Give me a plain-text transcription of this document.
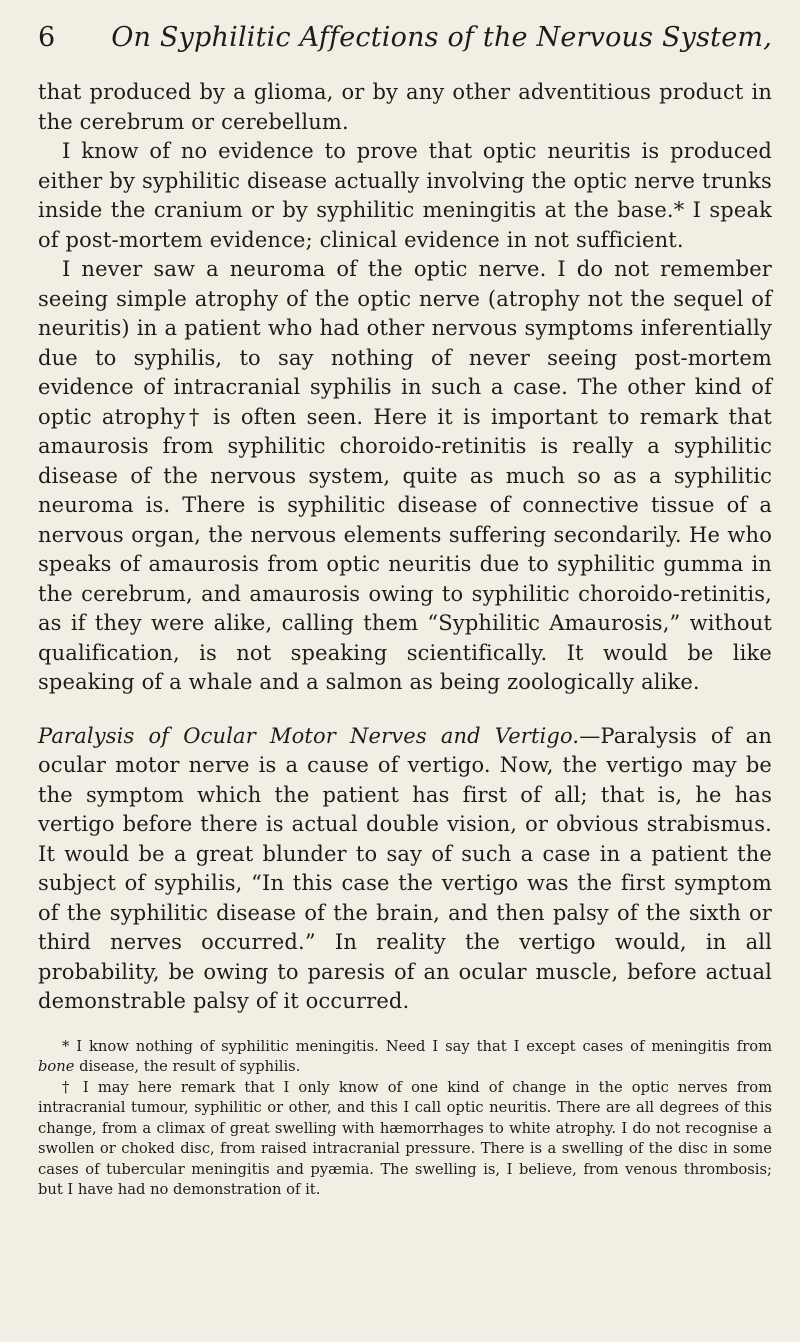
6	On Syphilitic Affections of the Nervous System,

that produced by a glioma, or by any other adventitious product in the cerebrum or cerebellum.

I know of no evidence to prove that optic neuritis is produced either by syphilitic disease actually involving the optic nerve trunks inside the cranium or by syphilitic meningitis at the base.* I speak of post-mortem evidence; clinical evidence in not sufficient.

I never saw a neuroma of the optic nerve. I do not remember seeing simple atrophy of the optic nerve (atrophy not the sequel of neuritis) in a patient who had other nervous symptoms inferentially due to syphilis, to say nothing of never seeing post-mortem evidence of intracranial syphilis in such a case. The other kind of optic atrophy† is often seen. Here it is important to remark that amaurosis from syphilitic choroido-retinitis is really a syphilitic disease of the nervous system, quite as much so as a syphilitic neuroma is. There is syphilitic disease of connective tissue of a nervous organ, the nervous elements suffering secondarily. He who speaks of amaurosis from optic neuritis due to syphilitic gumma in the cerebrum, and amaurosis owing to syphilitic choroido-retinitis, as if they were alike, calling them “Syphilitic Amaurosis,” without qualification, is not speaking scientifically. It would be like speaking of a whale and a salmon as being zoologically alike.

Paralysis of Ocular Motor Nerves and Vertigo.—Paralysis of an ocular motor nerve is a cause of vertigo. Now, the vertigo may be the symptom which the patient has first of all; that is, he has vertigo before there is actual double vision, or obvious strabismus. It would be a great blunder to say of such a case in a patient the subject of syphilis, “In this case the vertigo was the first symptom of the syphilitic disease of the brain, and then palsy of the sixth or third nerves occurred.” In reality the vertigo would, in all probability, be owing to paresis of an ocular muscle, before actual demonstrable palsy of it occurred.

* I know nothing of syphilitic meningitis. Need I say that I except cases of meningitis from bone disease, the result of syphilis.

† I may here remark that I only know of one kind of change in the optic nerves from intracranial tumour, syphilitic or other, and this I call optic neuritis. There are all degrees of this change, from a climax of great swelling with hæmorrhages to white atrophy. I do not recognise a swollen or choked disc, from raised intracranial pressure. There is a swelling of the disc in some cases of tubercular meningitis and pyæmia. The swelling is, I believe, from venous thrombosis; but I have had no demonstration of it.
